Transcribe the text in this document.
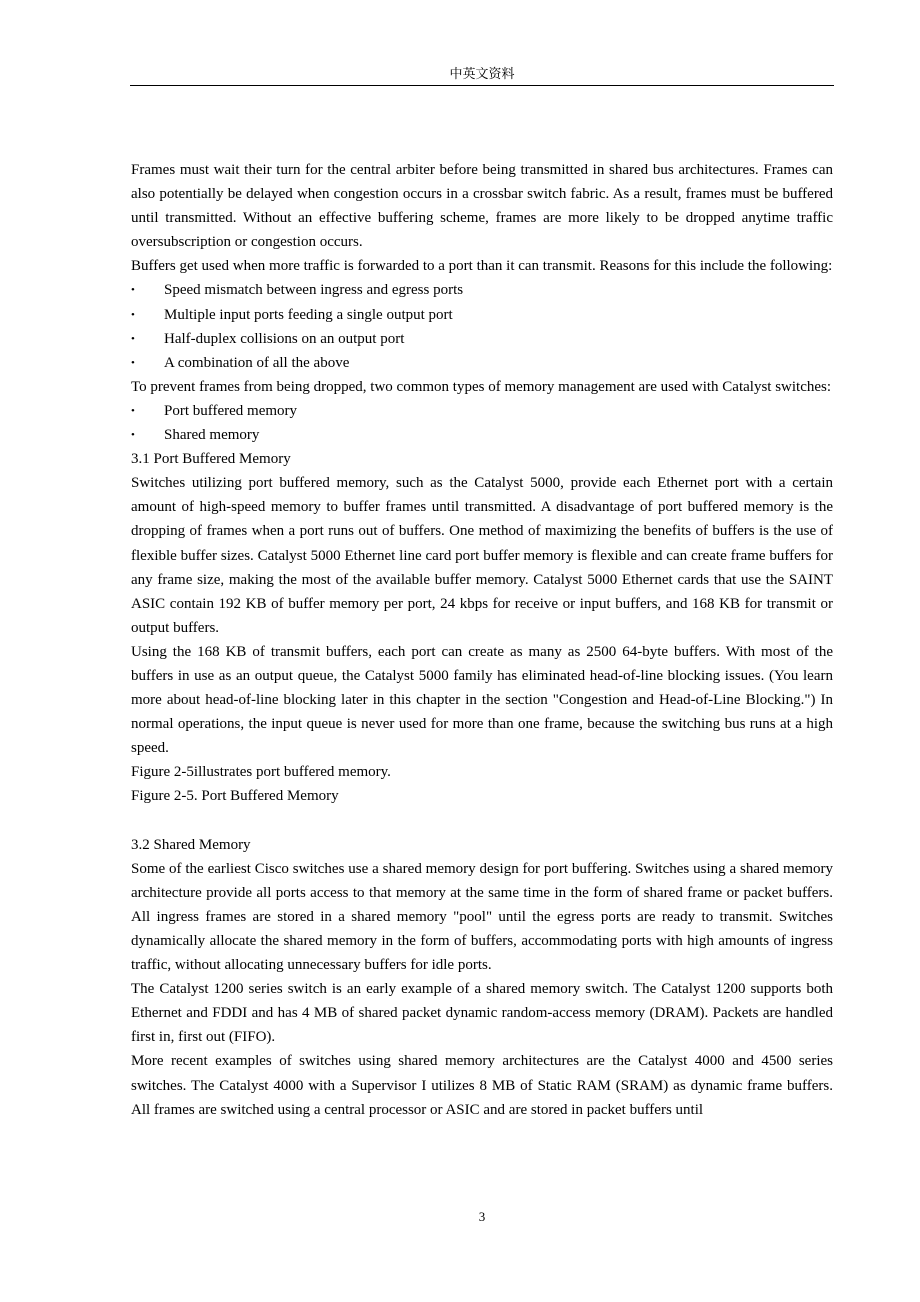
中英文资料

Frames must wait their turn for the central arbiter before being transmitted in shared bus architectures. Frames can also potentially be delayed when congestion occurs in a crossbar switch fabric. As a result, frames must be buffered until transmitted. Without an effective buffering scheme, frames are more likely to be dropped anytime traffic oversubscription or congestion occurs.

Buffers get used when more traffic is forwarded to a port than it can transmit. Reasons for this include the following:

• Speed mismatch between ingress and egress ports
• Multiple input ports feeding a single output port
• Half-duplex collisions on an output port
• A combination of all the above

To prevent frames from being dropped, two common types of memory management are used with Catalyst switches:

• Port buffered memory
• Shared memory

3.1 Port Buffered Memory

Switches utilizing port buffered memory, such as the Catalyst 5000, provide each Ethernet port with a certain amount of high-speed memory to buffer frames until transmitted. A disadvantage of port buffered memory is the dropping of frames when a port runs out of buffers. One method of maximizing the benefits of buffers is the use of flexible buffer sizes. Catalyst 5000 Ethernet line card port buffer memory is flexible and can create frame buffers for any frame size, making the most of the available buffer memory. Catalyst 5000 Ethernet cards that use the SAINT ASIC contain 192 KB of buffer memory per port, 24 kbps for receive or input buffers, and 168 KB for transmit or output buffers.

Using the 168 KB of transmit buffers, each port can create as many as 2500 64-byte buffers. With most of the buffers in use as an output queue, the Catalyst 5000 family has eliminated head-of-line blocking issues. (You learn more about head-of-line blocking later in this chapter in the section "Congestion and Head-of-Line Blocking.") In normal operations, the input queue is never used for more than one frame, because the switching bus runs at a high speed.

Figure 2-5illustrates port buffered memory.

Figure 2-5. Port Buffered Memory

3.2 Shared Memory

Some of the earliest Cisco switches use a shared memory design for port buffering. Switches using a shared memory architecture provide all ports access to that memory at the same time in the form of shared frame or packet buffers. All ingress frames are stored in a shared memory "pool" until the egress ports are ready to transmit. Switches dynamically allocate the shared memory in the form of buffers, accommodating ports with high amounts of ingress traffic, without allocating unnecessary buffers for idle ports.

The Catalyst 1200 series switch is an early example of a shared memory switch. The Catalyst 1200 supports both Ethernet and FDDI and has 4 MB of shared packet dynamic random-access memory (DRAM). Packets are handled first in, first out (FIFO).

More recent examples of switches using shared memory architectures are the Catalyst 4000 and 4500 series switches. The Catalyst 4000 with a Supervisor I utilizes 8 MB of Static RAM (SRAM) as dynamic frame buffers. All frames are switched using a central processor or ASIC and are stored in packet buffers until

3
